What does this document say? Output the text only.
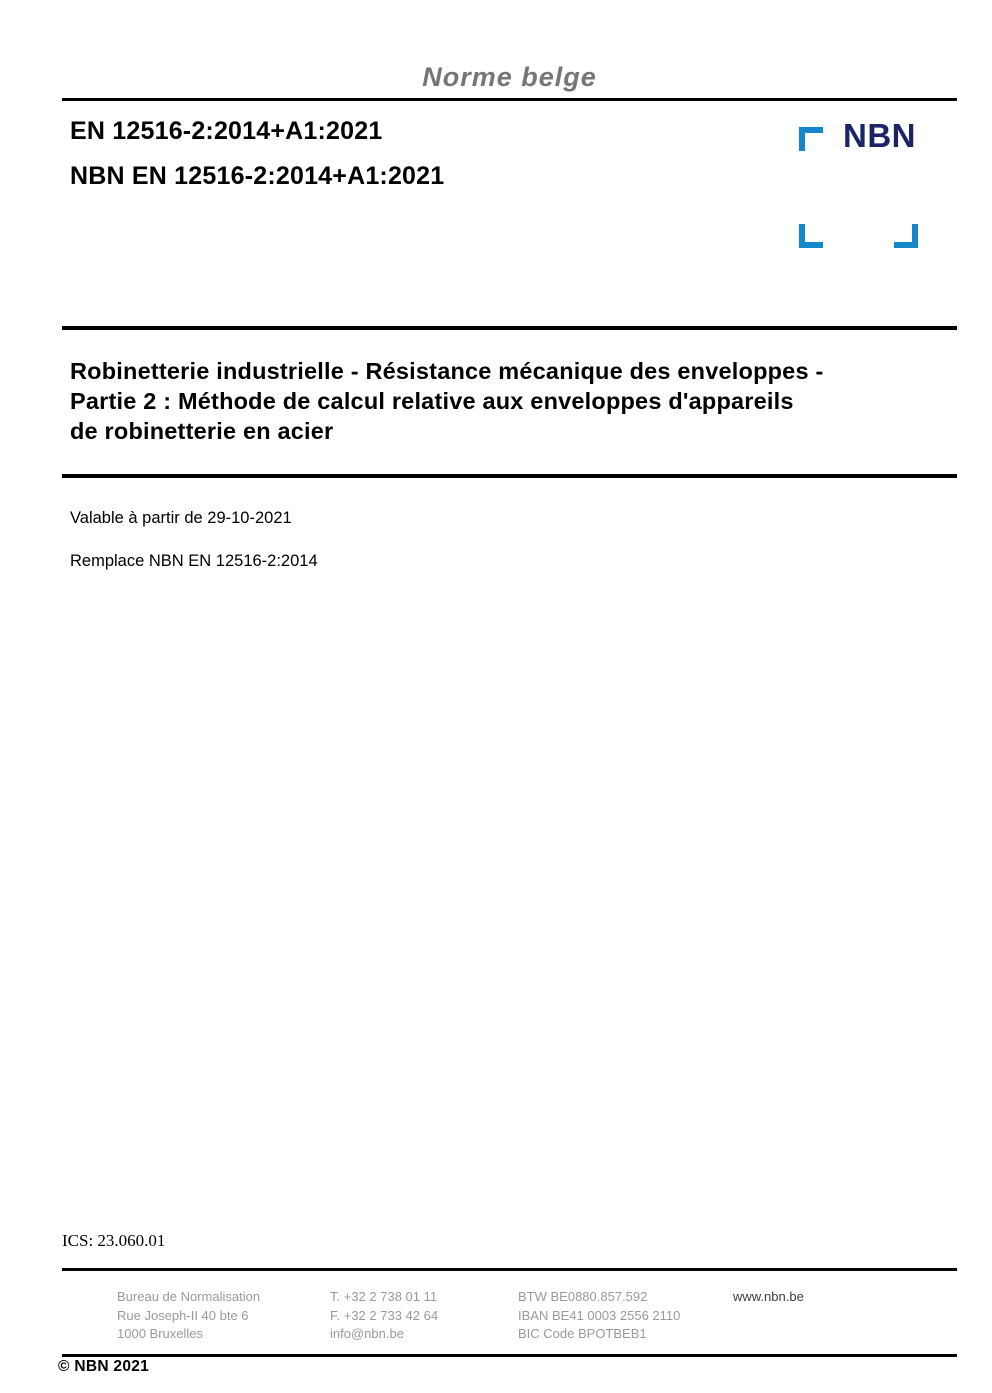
Norme belge
EN 12516-2:2014+A1:2021
NBN EN 12516-2:2014+A1:2021
NBN
Robinetterie industrielle - Résistance mécanique des enveloppes -
Partie 2 : Méthode de calcul relative aux enveloppes d'appareils
de robinetterie en acier
Valable à partir de 29-10-2021
Remplace NBN EN 12516-2:2014
ICS: 23.060.01
Bureau de Normalisation
Rue Joseph-II 40 bte 6
1000 Bruxelles
T. +32 2 738 01 11
F. +32 2 733 42 64
info@nbn.be
BTW BE0880.857.592
IBAN BE41 0003 2556 2110
BIC Code BPOTBEB1
www.nbn.be
© NBN 2021
